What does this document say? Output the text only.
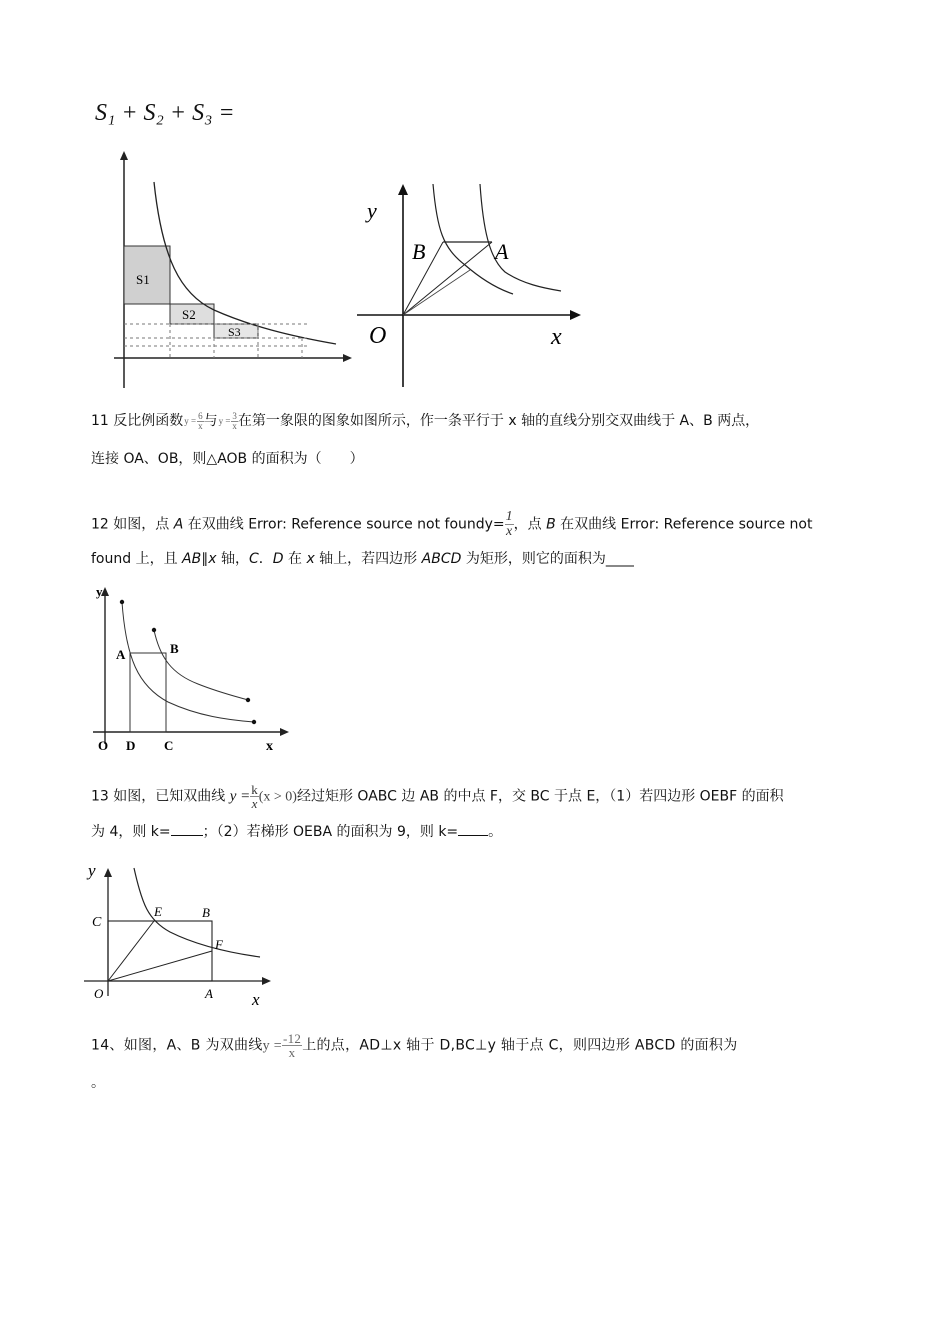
S₁ + S₂ + S₃ =
S1
S2
S3
y
x
O
B	A
11 反比例函数$y = \frac{6}{x}$ 与$y = \frac{3}{x}$ 在第一象限的图象如图所示，作一条平行于 x 轴的直线分别交双曲线于 A、B 两点，
连接 OA、OB，则△AOB 的面积为（　　）
12 如图，点 A 在双曲线 Error: Reference source not foundy= $\frac{1}{x}$ ，点 B 在双曲线 Error: Reference source not
found 上，且 AB∥x 轴，C．D 在 x 轴上，若四边形 ABCD 为矩形，则它的面积为____
y
x
O D C
A	B
13 如图，已知双曲线 $y = \frac{k}{x} (x > 0)$经过矩形 OABC 边 AB 的中点 F，交 BC 于点 E，（1）若四边形 OEBF 的面积
为 4，则 k= ；（2）若梯形 OEBA 的面积为 9，则 k= 。
y
x
O
C
E	B
F
A
14、如图，A、B 为双曲线$y = \frac{-12}{x}$ 上的点，AD⊥x 轴于 D,BC⊥y 轴于点 C，则四边形 ABCD 的面积为
。
